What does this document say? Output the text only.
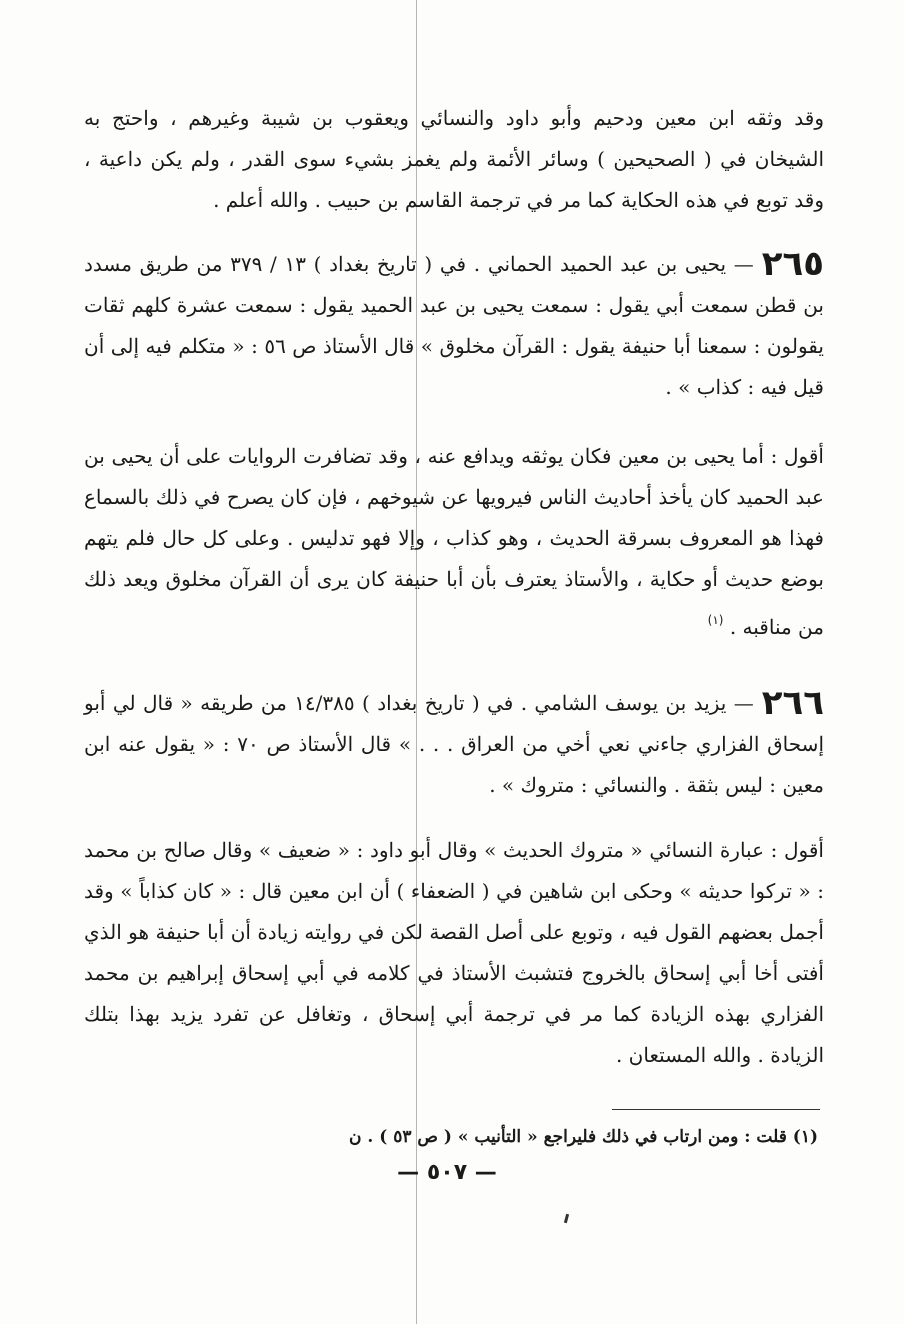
وقد وثقه ابن معين ودحيم وأبو داود والنسائي ويعقوب بن شيبة وغيرهم ، واحتج به الشيخان في ( الصحيحين ) وسائر الأئمة ولم يغمز بشيء سوى القدر ، ولم يكن داعية ، وقد توبع في هذه الحكاية كما مر في ترجمة القاسم بن حبيب . والله أعلم .

٢٦٥— يحيى بن عبد الحميد الحماني . في ( تاريخ بغداد ) ١٣ / ٣٧٩ من طريق مسدد بن قطن سمعت أبي يقول : سمعت يحيى بن عبد الحميد يقول : سمعت عشرة كلهم ثقات يقولون : سمعنا أبا حنيفة يقول : القرآن مخلوق » قال الأستاذ ص ٥٦ : « متكلم فيه إلى أن قيل فيه : كذاب » .

أقول : أما يحيى بن معين فكان يوثقه ويدافع عنه ، وقد تضافرت الروايات على أن يحيى بن عبد الحميد كان يأخذ أحاديث الناس فيرويها عن شيوخهم ، فإن كان يصرح في ذلك بالسماع فهذا هو المعروف بسرقة الحديث ، وهو كذاب ، وإلا فهو تدليس . وعلى كل حال فلم يتهم بوضع حديث أو حكاية ، والأستاذ يعترف بأن أبا حنيفة كان يرى أن القرآن مخلوق ويعد ذلك من مناقبه . $^{(١)}$

٢٦٦— يزيد بن يوسف الشامي . في ( تاريخ بغداد ) ١٤/٣٨٥ من طريقه « قال لي أبو إسحاق الفزاري جاءني نعي أخي من العراق . . . » قال الأستاذ ص ٧٠ : « يقول عنه ابن معين : ليس بثقة . والنسائي : متروك » .

أقول : عبارة النسائي « متروك الحديث » وقال أبو داود : « ضعيف » وقال صالح بن محمد : « تركوا حديثه » وحكى ابن شاهين في ( الضعفاء ) أن ابن معين قال : « كان كذاباً » وقد أجمل بعضهم القول فيه ، وتوبع على أصل القصة لكن في روايته زيادة أن أبا حنيفة هو الذي أفتى أخا أبي إسحاق بالخروج فتشبث الأستاذ في كلامه في أبي إسحاق إبراهيم بن محمد الفزاري بهذه الزيادة كما مر في ترجمة أبي إسحاق ، وتغافل عن تفرد يزيد بهذا بتلك الزيادة . والله المستعان .

(١) قلت : ومن ارتاب في ذلك فليراجع « التأنيب » ( ص ٥٣ ) . ن
— ٥٠٧ —
